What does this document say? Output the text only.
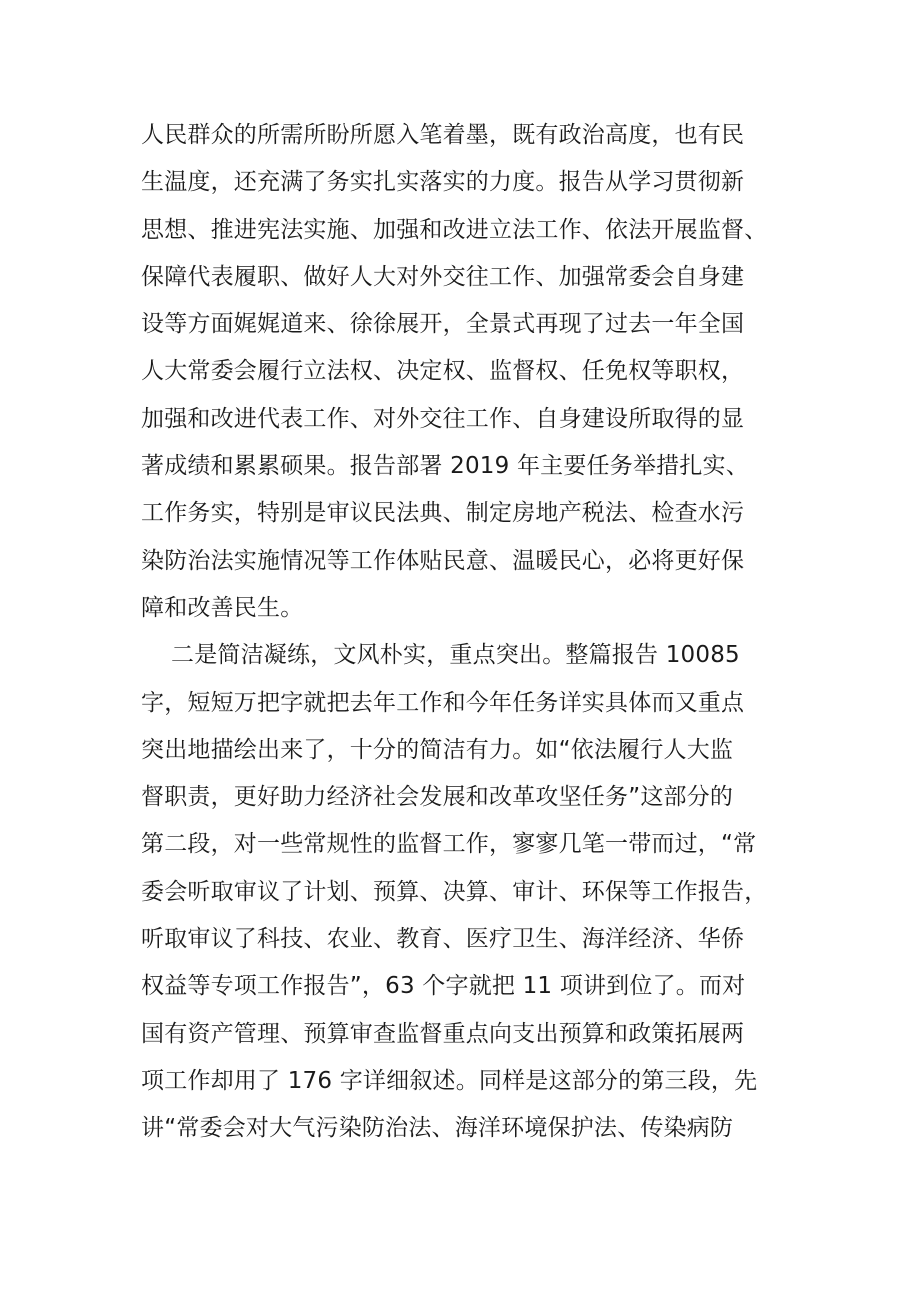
人民群众的所需所盼所愿入笔着墨，既有政治高度，也有民
生温度，还充满了务实扎实落实的力度。报告从学习贯彻新
思想、推进宪法实施、加强和改进立法工作、依法开展监督、
保障代表履职、做好人大对外交往工作、加强常委会自身建
设等方面娓娓道来、徐徐展开，全景式再现了过去一年全国
人大常委会履行立法权、决定权、监督权、任免权等职权，
加强和改进代表工作、对外交往工作、自身建设所取得的显
著成绩和累累硕果。报告部署 2019 年主要任务举措扎实、
工作务实，特别是审议民法典、制定房地产税法、检查水污
染防治法实施情况等工作体贴民意、温暖民心，必将更好保
障和改善民生。
二是简洁凝练，文风朴实，重点突出。整篇报告 10085
字，短短万把字就把去年工作和今年任务详实具体而又重点
突出地描绘出来了，十分的简洁有力。如“依法履行人大监
督职责，更好助力经济社会发展和改革攻坚任务”这部分的
第二段，对一些常规性的监督工作，寥寥几笔一带而过，“常
委会听取审议了计划、预算、决算、审计、环保等工作报告，
听取审议了科技、农业、教育、医疗卫生、海洋经济、华侨
权益等专项工作报告”，63 个字就把 11 项讲到位了。而对
国有资产管理、预算审查监督重点向支出预算和政策拓展两
项工作却用了 176 字详细叙述。同样是这部分的第三段，先
讲“常委会对大气污染防治法、海洋环境保护法、传染病防
